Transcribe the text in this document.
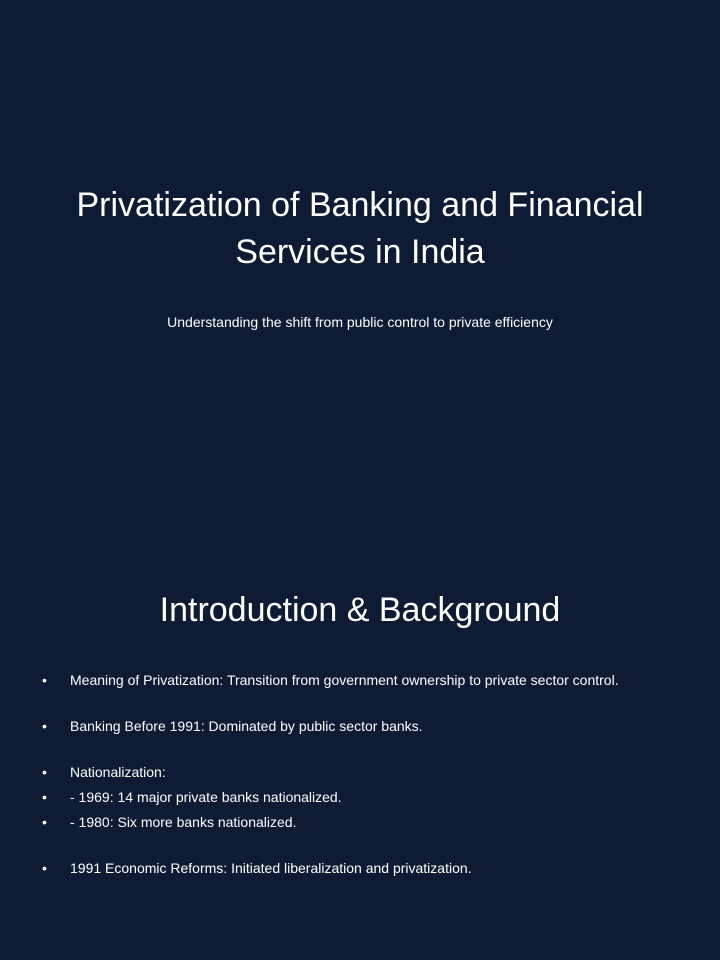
Privatization of Banking and Financial Services in India

Understanding the shift from public control to private efficiency

Introduction & Background
•	Meaning of Privatization: Transition from government ownership to private sector control.
•	Banking Before 1991: Dominated by public sector banks.
•	Nationalization:
•	- 1969: 14 major private banks nationalized.
•	- 1980: Six more banks nationalized.
•	1991 Economic Reforms: Initiated liberalization and privatization.
